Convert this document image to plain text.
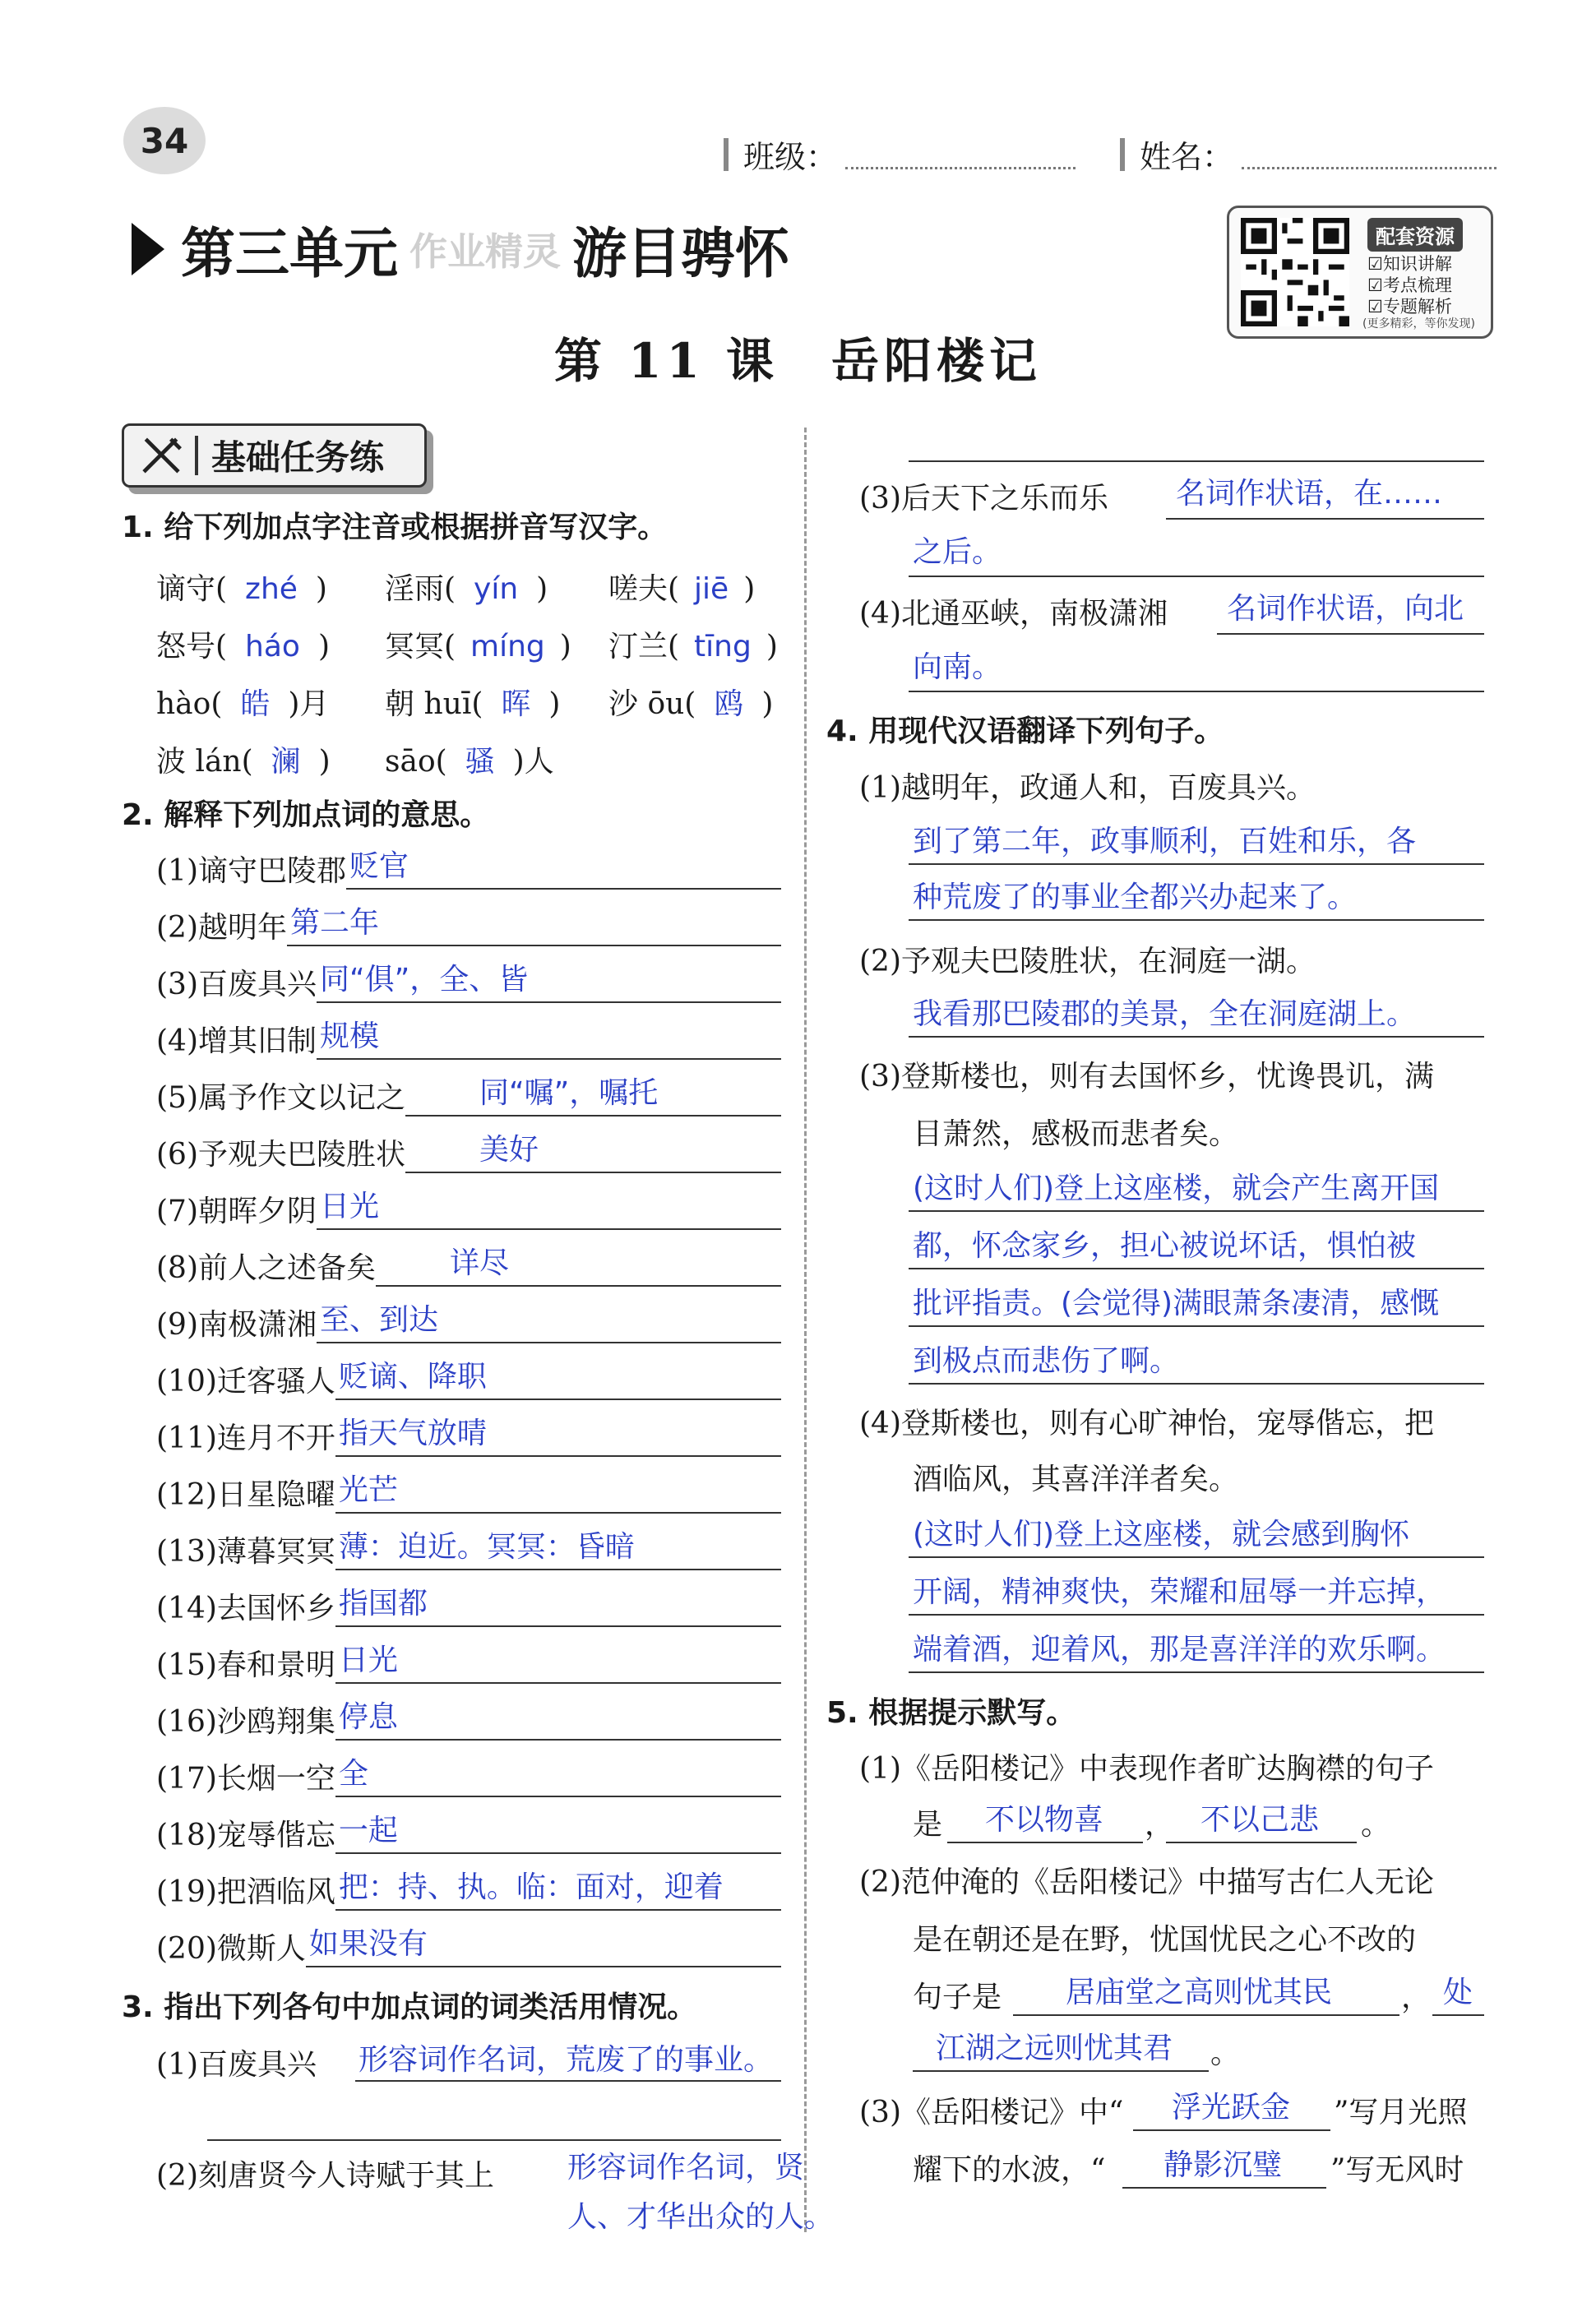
34	班级：	姓名：
第三单元 作业精灵 游目骋怀	配套资源
☑知识讲解
☑考点梳理
☑专题解析
(更多精彩，等你发现)
第 11 课　岳阳楼记
基础任务练
1. 给下列加点字注音或根据拼音写汉字。
谪守( zhé ) 淫雨( yín ) 嗟夫( jiē )
怒号( háo ) 冥冥( míng ) 汀兰( tīng )
hào( 皓 )月 朝 huī( 晖 ) 沙 ōu( 鸥 )
波 lán( 澜 ) sāo( 骚 )人
2. 解释下列加点词的意思。
(1)谪守巴陵郡 贬官
(2)越明年 第二年
(3)百废具兴 同“俱”，全、皆
(4)增其旧制 规模
(5)属予作文以记之	同“嘱”，嘱托
(6)予观夫巴陵胜状	美好
(7)朝晖夕阴 日光
(8)前人之述备矣	详尽
(9)南极潇湘 至、到达
(10)迁客骚人 贬谪、降职
(11)连月不开 指天气放晴
(12)日星隐曜 光芒
(13)薄暮冥冥 薄：迫近。冥冥：昏暗
(14)去国怀乡 指国都
(15)春和景明 日光
(16)沙鸥翔集 停息
(17)长烟一空 全
(18)宠辱偕忘 一起
(19)把酒临风 把：持、执。临：面对，迎着
(20)微斯人 如果没有
3. 指出下列各句中加点词的词类活用情况。
(1)百废具兴 形容词作名词，荒废了的事业。
(2)刻唐贤今人诗赋于其上 形容词作名词，贤
人、才华出众的人。
(3)后天下之乐而乐 名词作状语，在……
之后。
(4)北通巫峡，南极潇湘 名词作状语，向北
向南。
4. 用现代汉语翻译下列句子。
(1)越明年，政通人和，百废具兴。
到了第二年，政事顺利，百姓和乐，各
种荒废了的事业全都兴办起来了。
(2)予观夫巴陵胜状，在洞庭一湖。
我看那巴陵郡的美景，全在洞庭湖上。
(3)登斯楼也，则有去国怀乡，忧谗畏讥，满
目萧然，感极而悲者矣。
(这时人们)登上这座楼，就会产生离开国
都，怀念家乡，担心被说坏话，惧怕被
批评指责。(会觉得)满眼萧条凄清，感慨
到极点而悲伤了啊。
(4)登斯楼也，则有心旷神怡，宠辱偕忘，把
酒临风，其喜洋洋者矣。
(这时人们)登上这座楼，就会感到胸怀
开阔，精神爽快，荣耀和屈辱一并忘掉，
端着酒，迎着风，那是喜洋洋的欢乐啊。
5. 根据提示默写。
(1)《岳阳楼记》中表现作者旷达胸襟的句子
是 不以物喜 ， 不以己悲 。
(2)范仲淹的《岳阳楼记》中描写古仁人无论
是在朝还是在野，忧国忧民之心不改的
句子是 居庙堂之高则忧其民 ， 处
江湖之远则忧其君 。
(3)《岳阳楼记》中“ 浮光跃金 ”写月光照
耀下的水波，“ 静影沉璧 ”写无风时
